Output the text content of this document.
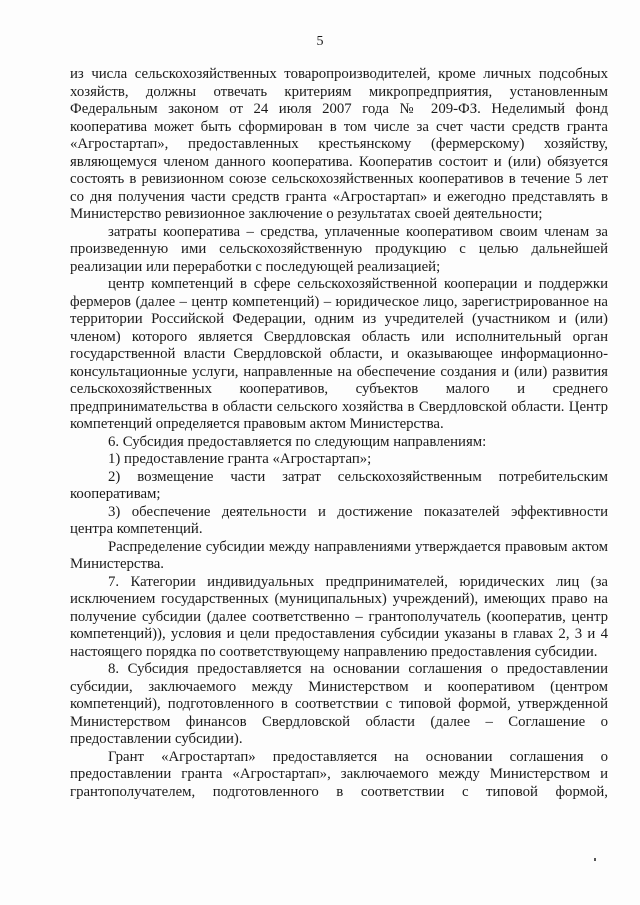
5

из числа сельскохозяйственных товаропроизводителей, кроме личных подсобных хозяйств, должны отвечать критериям микропредприятия, установленным Федеральным законом от 24 июля 2007 года № 209-ФЗ. Неделимый фонд кооператива может быть сформирован в том числе за счет части средств гранта «Агростартап», предоставленных крестьянскому (фермерскому) хозяйству, являющемуся членом данного кооператива. Кооператив состоит и (или) обязуется состоять в ревизионном союзе сельскохозяйственных кооперативов в течение 5 лет со дня получения части средств гранта «Агростартап» и ежегодно представлять в Министерство ревизионное заключение о результатах своей деятельности;

затраты кооператива – средства, уплаченные кооперативом своим членам за произведенную ими сельскохозяйственную продукцию с целью дальнейшей реализации или переработки с последующей реализацией;

центр компетенций в сфере сельскохозяйственной кооперации и поддержки фермеров (далее – центр компетенций) – юридическое лицо, зарегистрированное на территории Российской Федерации, одним из учредителей (участником и (или) членом) которого является Свердловская область или исполнительный орган государственной власти Свердловской области, и оказывающее информационно-консультационные услуги, направленные на обеспечение создания и (или) развития сельскохозяйственных кооперативов, субъектов малого и среднего предпринимательства в области сельского хозяйства в Свердловской области. Центр компетенций определяется правовым актом Министерства.

6. Субсидия предоставляется по следующим направлениям:

1) предоставление гранта «Агростартап»;

2) возмещение части затрат сельскохозяйственным потребительским кооперативам;

3) обеспечение деятельности и достижение показателей эффективности центра компетенций.

Распределение субсидии между направлениями утверждается правовым актом Министерства.

7. Категории индивидуальных предпринимателей, юридических лиц (за исключением государственных (муниципальных) учреждений), имеющих право на получение субсидии (далее соответственно – грантополучатель (кооператив, центр компетенций)), условия и цели предоставления субсидии указаны в главах 2, 3 и 4 настоящего порядка по соответствующему направлению предоставления субсидии.

8. Субсидия предоставляется на основании соглашения о предоставлении субсидии, заключаемого между Министерством и кооперативом (центром компетенций), подготовленного в соответствии с типовой формой, утвержденной Министерством финансов Свердловской области (далее – Соглашение о предоставлении субсидии).

Грант «Агростартап» предоставляется на основании соглашения о предоставлении гранта «Агростартап», заключаемого между Министерством и грантополучателем, подготовленного в соответствии с типовой формой,
